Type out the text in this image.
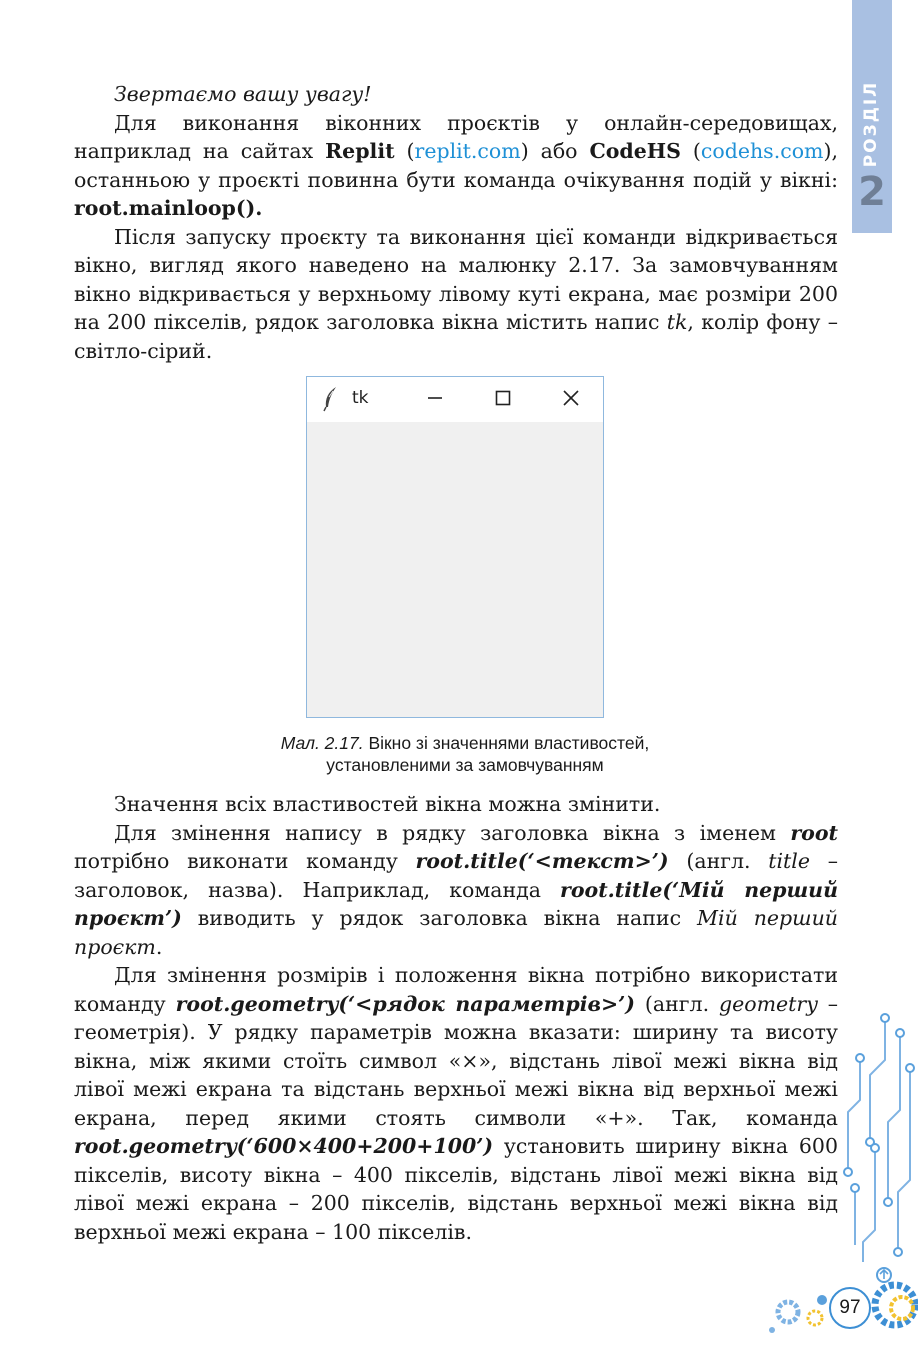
РОЗДІЛ
2

Звертаємо вашу увагу!

Для виконання віконних проєктів у онлайн-середовищах, наприклад на сайтах Replit (replit.com) або CodeHS (codehs.com), останньою у проєкті повинна бути команда очікування подій у вікні: root.mainloop().

Після запуску проєкту та виконання цієї команди відкривається вікно, вигляд якого наведено на малюнку 2.17. За замовчуванням вікно відкривається у верхньому лівому куті екрана, має розміри 200 на 200 пікселів, рядок заголовка вікна містить напис tk, колір фону – світло-сірий.

tk
Мал. 2.17. Вікно зі значеннями властивостей,
установленими за замовчуванням

Значення всіх властивостей вікна можна змінити.

Для змінення напису в рядку заголовка вікна з іменем root потрібно виконати команду root.title(‘<текст>’) (англ. title – заголовок, назва). Наприклад, команда root.title(‘Мій перший проєкт’) виводить у рядок заголовка вікна напис Мій перший проєкт.

Для змінення розмірів і положення вікна потрібно використати команду root.geometry(‘<рядок параметрів>’) (англ. geometry – геометрія). У рядку параметрів можна вказати: ширину та висоту вікна, між якими стоїть символ «×», відстань лівої межі вікна від лівої межі екрана та відстань верхньої межі вікна від верхньої межі екрана, перед якими стоять символи «+». Так, команда root.geometry(‘600×400+200+100’) установить ширину вікна 600 пікселів, висоту вікна – 400 пікселів, відстань лівої межі вікна від лівої межі екрана – 200 пікселів, відстань верхньої межі вікна від верхньої межі екрана – 100 пікселів.

97
